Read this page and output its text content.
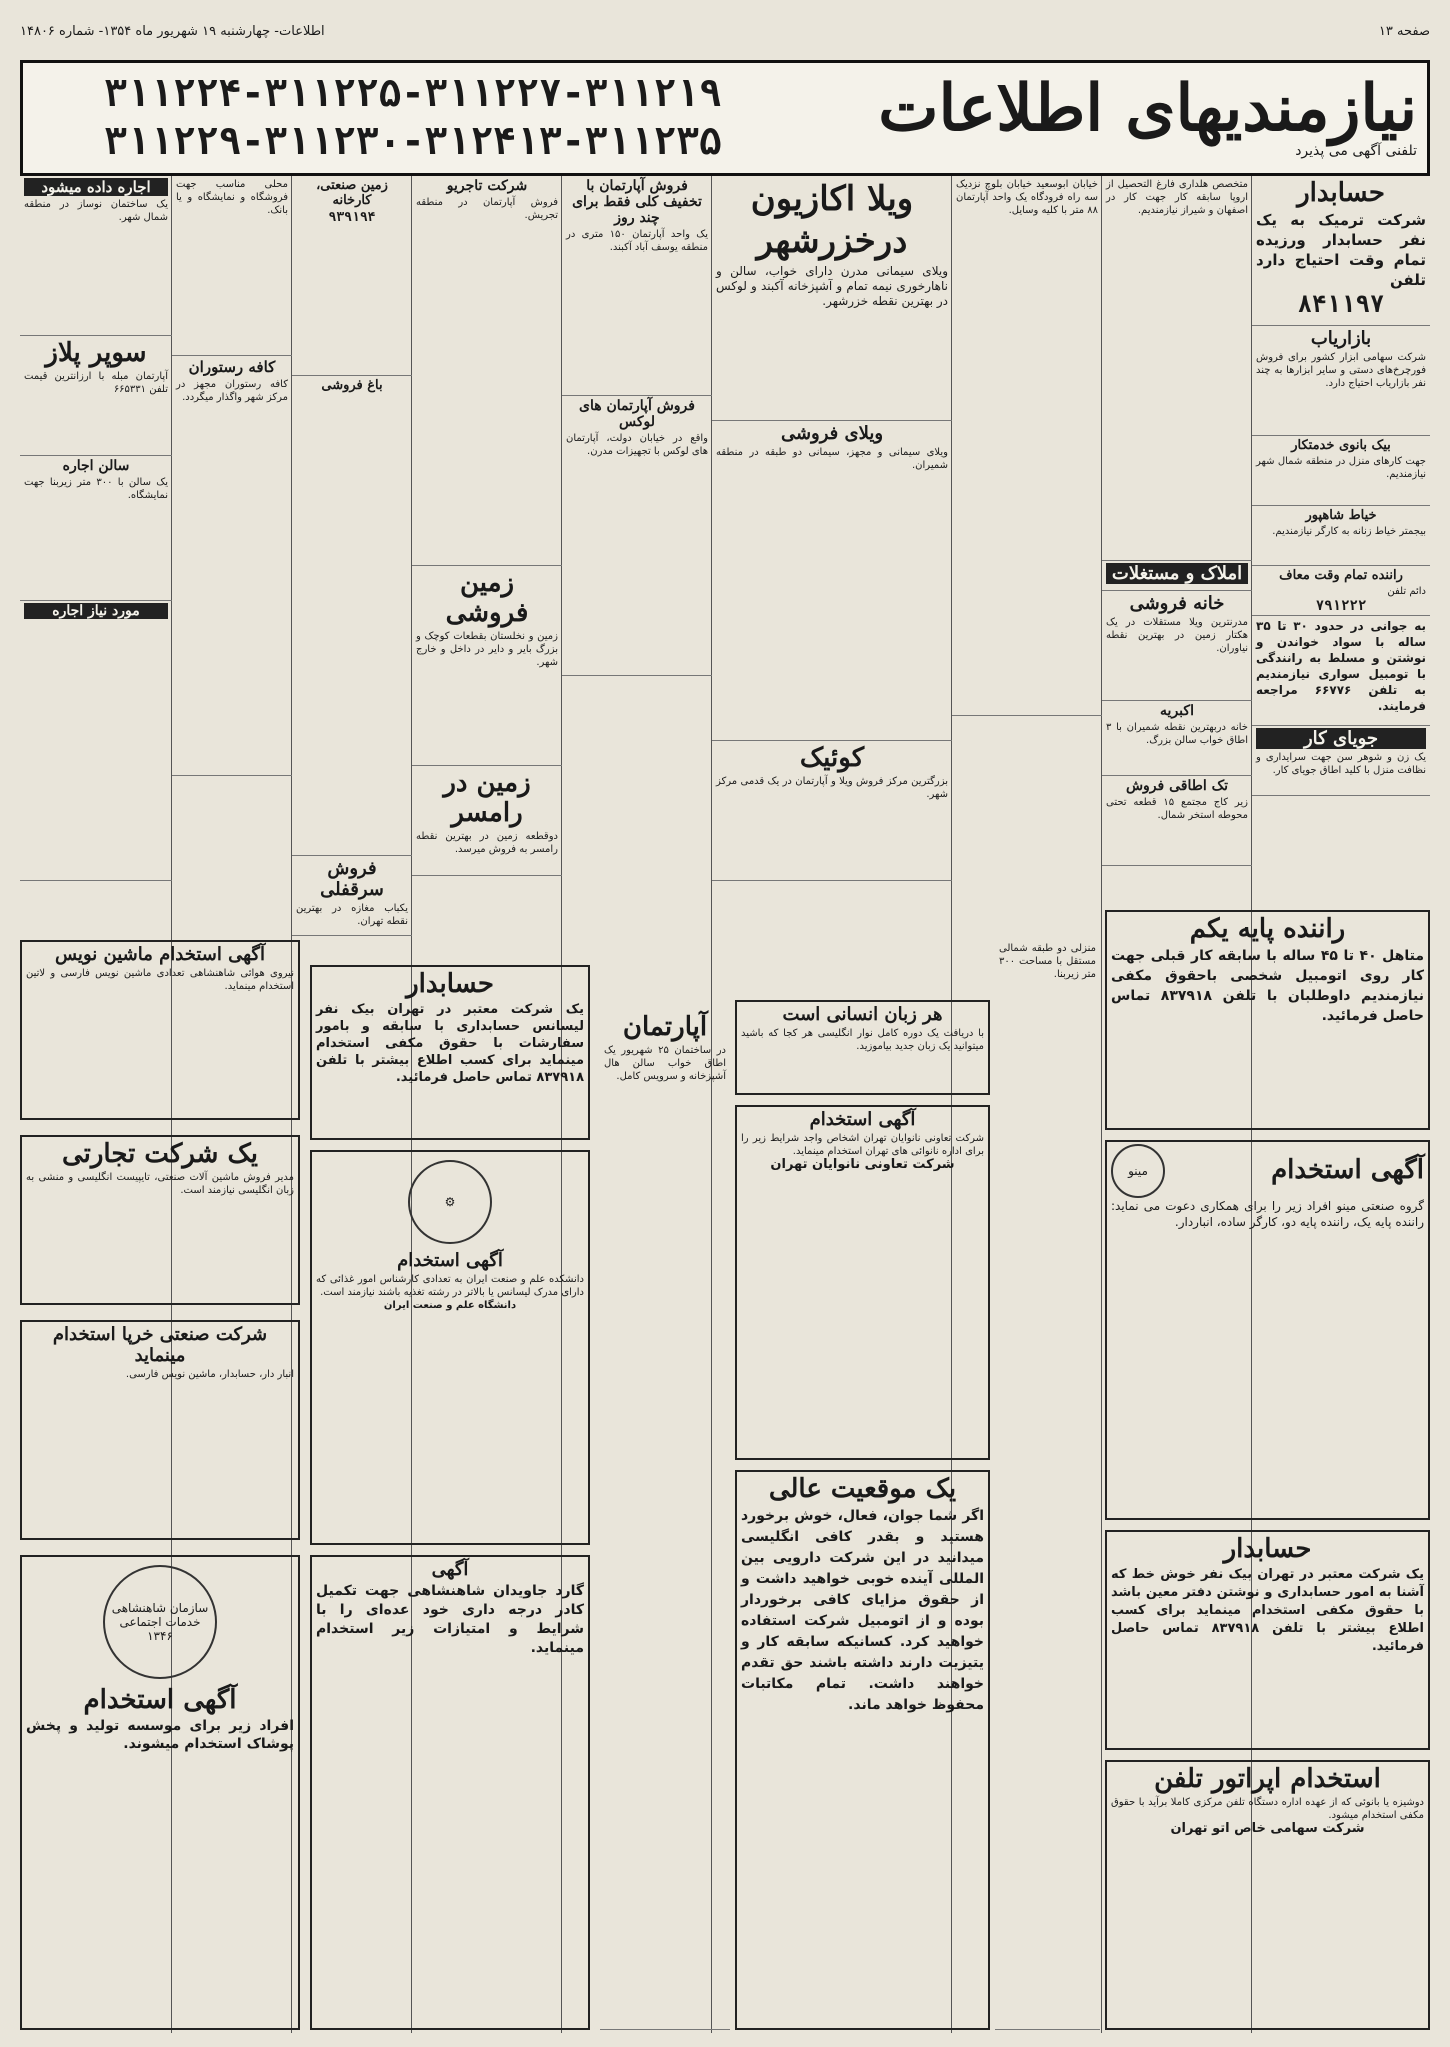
صفحه ۱۳
اطلاعات- چهارشنبه ۱۹ شهریور ماه ۱۳۵۴- شماره ۱۴۸۰۶
نیازمندیهای اطلاعات
تلفنی آگهی می پذیرد
۳۱۱۲۲۴-۳۱۱۲۲۵-۳۱۱۲۲۷-۳۱۱۲۱۹
۳۱۱۲۲۹-۳۱۱۲۳۰-۳۱۲۴۱۳-۳۱۱۲۳۵
حسابدار

شرکت ترمیک به یک نفر حسابدار ورزیده تمام وقت احتیاج دارد تلفن

۸۴۱۱۹۷
بازاریاب

شرکت سهامی ابزار کشور برای فروش فورچرخ‌های دستی و سایر ابزارها به چند نفر بازاریاب احتیاج دارد.

بیک بانوی خدمتکار

جهت کارهای منزل در منطقه شمال شهر نیازمندیم.

خیاط شاهپور

بیجمتر خیاط زنانه به کارگر نیازمندیم.

راننده تمام وقت معاف

دائم تلفن

۷۹۱۲۲۲

به جوانی در حدود ۳۰ تا ۳۵ ساله با سواد خواندن و نوشتن و مسلط به رانندگی با تومبیل سواری نیازمندیم به تلفن ۶۶۷۷۶ مراجعه فرمایند.

جویای کار

یک زن و شوهر سن جهت سرایداری و نظافت منزل با کلید اطاق جویای کار.

متخصص هلداری فارغ التحصیل از اروپا سابقه کار جهت کار در اصفهان و شیراز نیازمندیم.

املاک و مستغلات
خانه فروشی

مدرنترین ویلا مستقلات در یک هکتار زمین در بهترین نقطه نیاوران.

اکبریه

خانه دربهترین نقطه شمیران با ۳ اطاق خواب سالن بزرگ.

تک اطاقی فروش

زیر کاج مجتمع ۱۵ قطعه تحتی محوطه استخر شمال.

خیابان ابوسعید خیابان بلوچ نزدیک سه راه فرودگاه یک واحد آپارتمان ۸۸ متر با کلیه وسایل.

ویلا اکازیون درخزرشهر

ویلای سیمانی مدرن دارای خواب، سالن و ناهارخوری نیمه تمام و آشپزخانه آکبند و لوکس در بهترین نقطه خزرشهر.

ویلای فروشی

ویلای سیمانی و مجهز، سیمانی دو طبقه در منطقه شمیران.

کوئیک

بزرگترین مرکز فروش ویلا و آپارتمان در یک قدمی مرکز شهر.

فروش آپارتمان با تخفیف کلی فقط برای چند روز

یک واحد آپارتمان ۱۵۰ متری در منطقه یوسف آباد آکبند.

فروش آپارتمان های لوکس

واقع در خیابان دولت، آپارتمان های لوکس با تجهیزات مدرن.

شرکت تاجریو

فروش آپارتمان در منطقه تجریش.

زمین فروشی

زمین و نخلستان بقطعات کوچک و بزرگ بایر و دایر در داخل و خارج شهر.

زمین در رامسر

دوقطعه زمین در بهترین نقطه رامسر به فروش میرسد.

زمین صنعتی، کارخانه
۹۳۹۱۹۴
باغ فروشی
فروش سرقفلی

یکباب مغازه در بهترین نقطه تهران.

محلی مناسب جهت فروشگاه و نمایشگاه و یا بانک.

کافه رستوران

کافه رستوران مجهز در مرکز شهر واگذار میگردد.

اجاره داده میشود

یک ساختمان نوساز در منطقه شمال شهر.

سوپر پلاز

آپارتمان مبله با ارزانترین قیمت تلفن ۶۶۵۳۳۱

سالن اجاره

یک سالن با ۳۰۰ متر زیربنا جهت نمایشگاه.

مورد نیاز اجاره
آگهی استخدام ماشین نویس

نیروی هوائی شاهنشاهی تعدادی ماشین نویس فارسی و لاتین استخدام مینماید.

یک شرکت تجارتی

مدیر فروش ماشین آلات صنعتی، تایپیست انگلیسی و منشی به زبان انگلیسی نیازمند است.

شرکت صنعتی خرپا استخدام مینماید

انبار دار، حسابدار، ماشین نویس فارسی.

سازمان شاهنشاهی خدمات اجتماعی ۱۳۴۶
آگهی استخدام

افراد زیر برای موسسه تولید و پخش پوشاک استخدام میشوند.

حسابدار

یک شرکت معتبر در تهران بیک نفر لیسانس حسابداری با سابقه و بامور سفارشات با حقوق مکفی استخدام مینماید برای کسب اطلاع بیشتر با تلفن ۸۳۷۹۱۸ تماس حاصل فرمائید.

⚙
آگهی استخدام

دانشکده علم و صنعت ایران به تعدادی کارشناس امور غذائی که دارای مدرک لیسانس یا بالاتر در رشته تغذیه باشند نیازمند است.

دانشگاه علم و صنعت ایران

آگهی

گارد جاویدان شاهنشاهی جهت تکمیل کادر درجه داری خود عده‌ای را با شرایط و امتیازات زیر استخدام مینماید.

آپارتمان

در ساختمان ۲۵ شهریور یک اطاق خواب سالن هال آشپزخانه و سرویس کامل.

هر زبان انسانی است

با دریافت یک دوره کامل نوار انگلیسی هر کجا که باشید میتوانید یک زبان جدید بیاموزید.

آگهی استخدام

شرکت تعاونی نانوایان تهران اشخاص واجد شرایط زیر را برای اداره نانوائی های تهران استخدام مینماید.

شرکت تعاونی نانوایان تهران

یک موقعیت عالی

اگر شما جوان، فعال، خوش برخورد هستید و بقدر کافی انگلیسی میدانید در این شرکت دارویی بین المللی آینده خوبی خواهید داشت و از حقوق مزایای کافی برخوردار بوده و از اتومبیل شرکت استفاده خواهید کرد. کسانیکه سابقه کار و یتیزیت دارند داشته باشند حق تقدم خواهند داشت. تمام مکاتبات محفوظ خواهد ماند.

منزلی دو طبقه شمالی مستقل با مساحت ۳۰۰ متر زیربنا.

راننده پایه یکم

متاهل ۴۰ تا ۴۵ ساله با سابقه کار قبلی جهت کار روی اتومبیل شخصی باحقوق مکفی نیازمندیم داوطلبان با تلفن ۸۳۷۹۱۸ تماس حاصل فرمائید.

آگهی استخدام
مینو

گروه صنعتی مینو افراد زیر را برای همکاری دعوت می نماید: راننده پایه یک، راننده پایه دو، کارگر ساده، انباردار.

حسابدار

یک شرکت معتبر در تهران بیک نفر خوش خط که آشنا به امور حسابداری و نوشتن دفتر معین باشد با حقوق مکفی استخدام مینماید برای کسب اطلاع بیشتر با تلفن ۸۳۷۹۱۸ تماس حاصل فرمائید.

استخدام اپراتور تلفن

دوشیزه یا بانوئی که از عهده اداره دستگاه تلفن مرکزی کاملا برآید با حقوق مکفی استخدام میشود.

شرکت سهامی خاص اتو تهران
